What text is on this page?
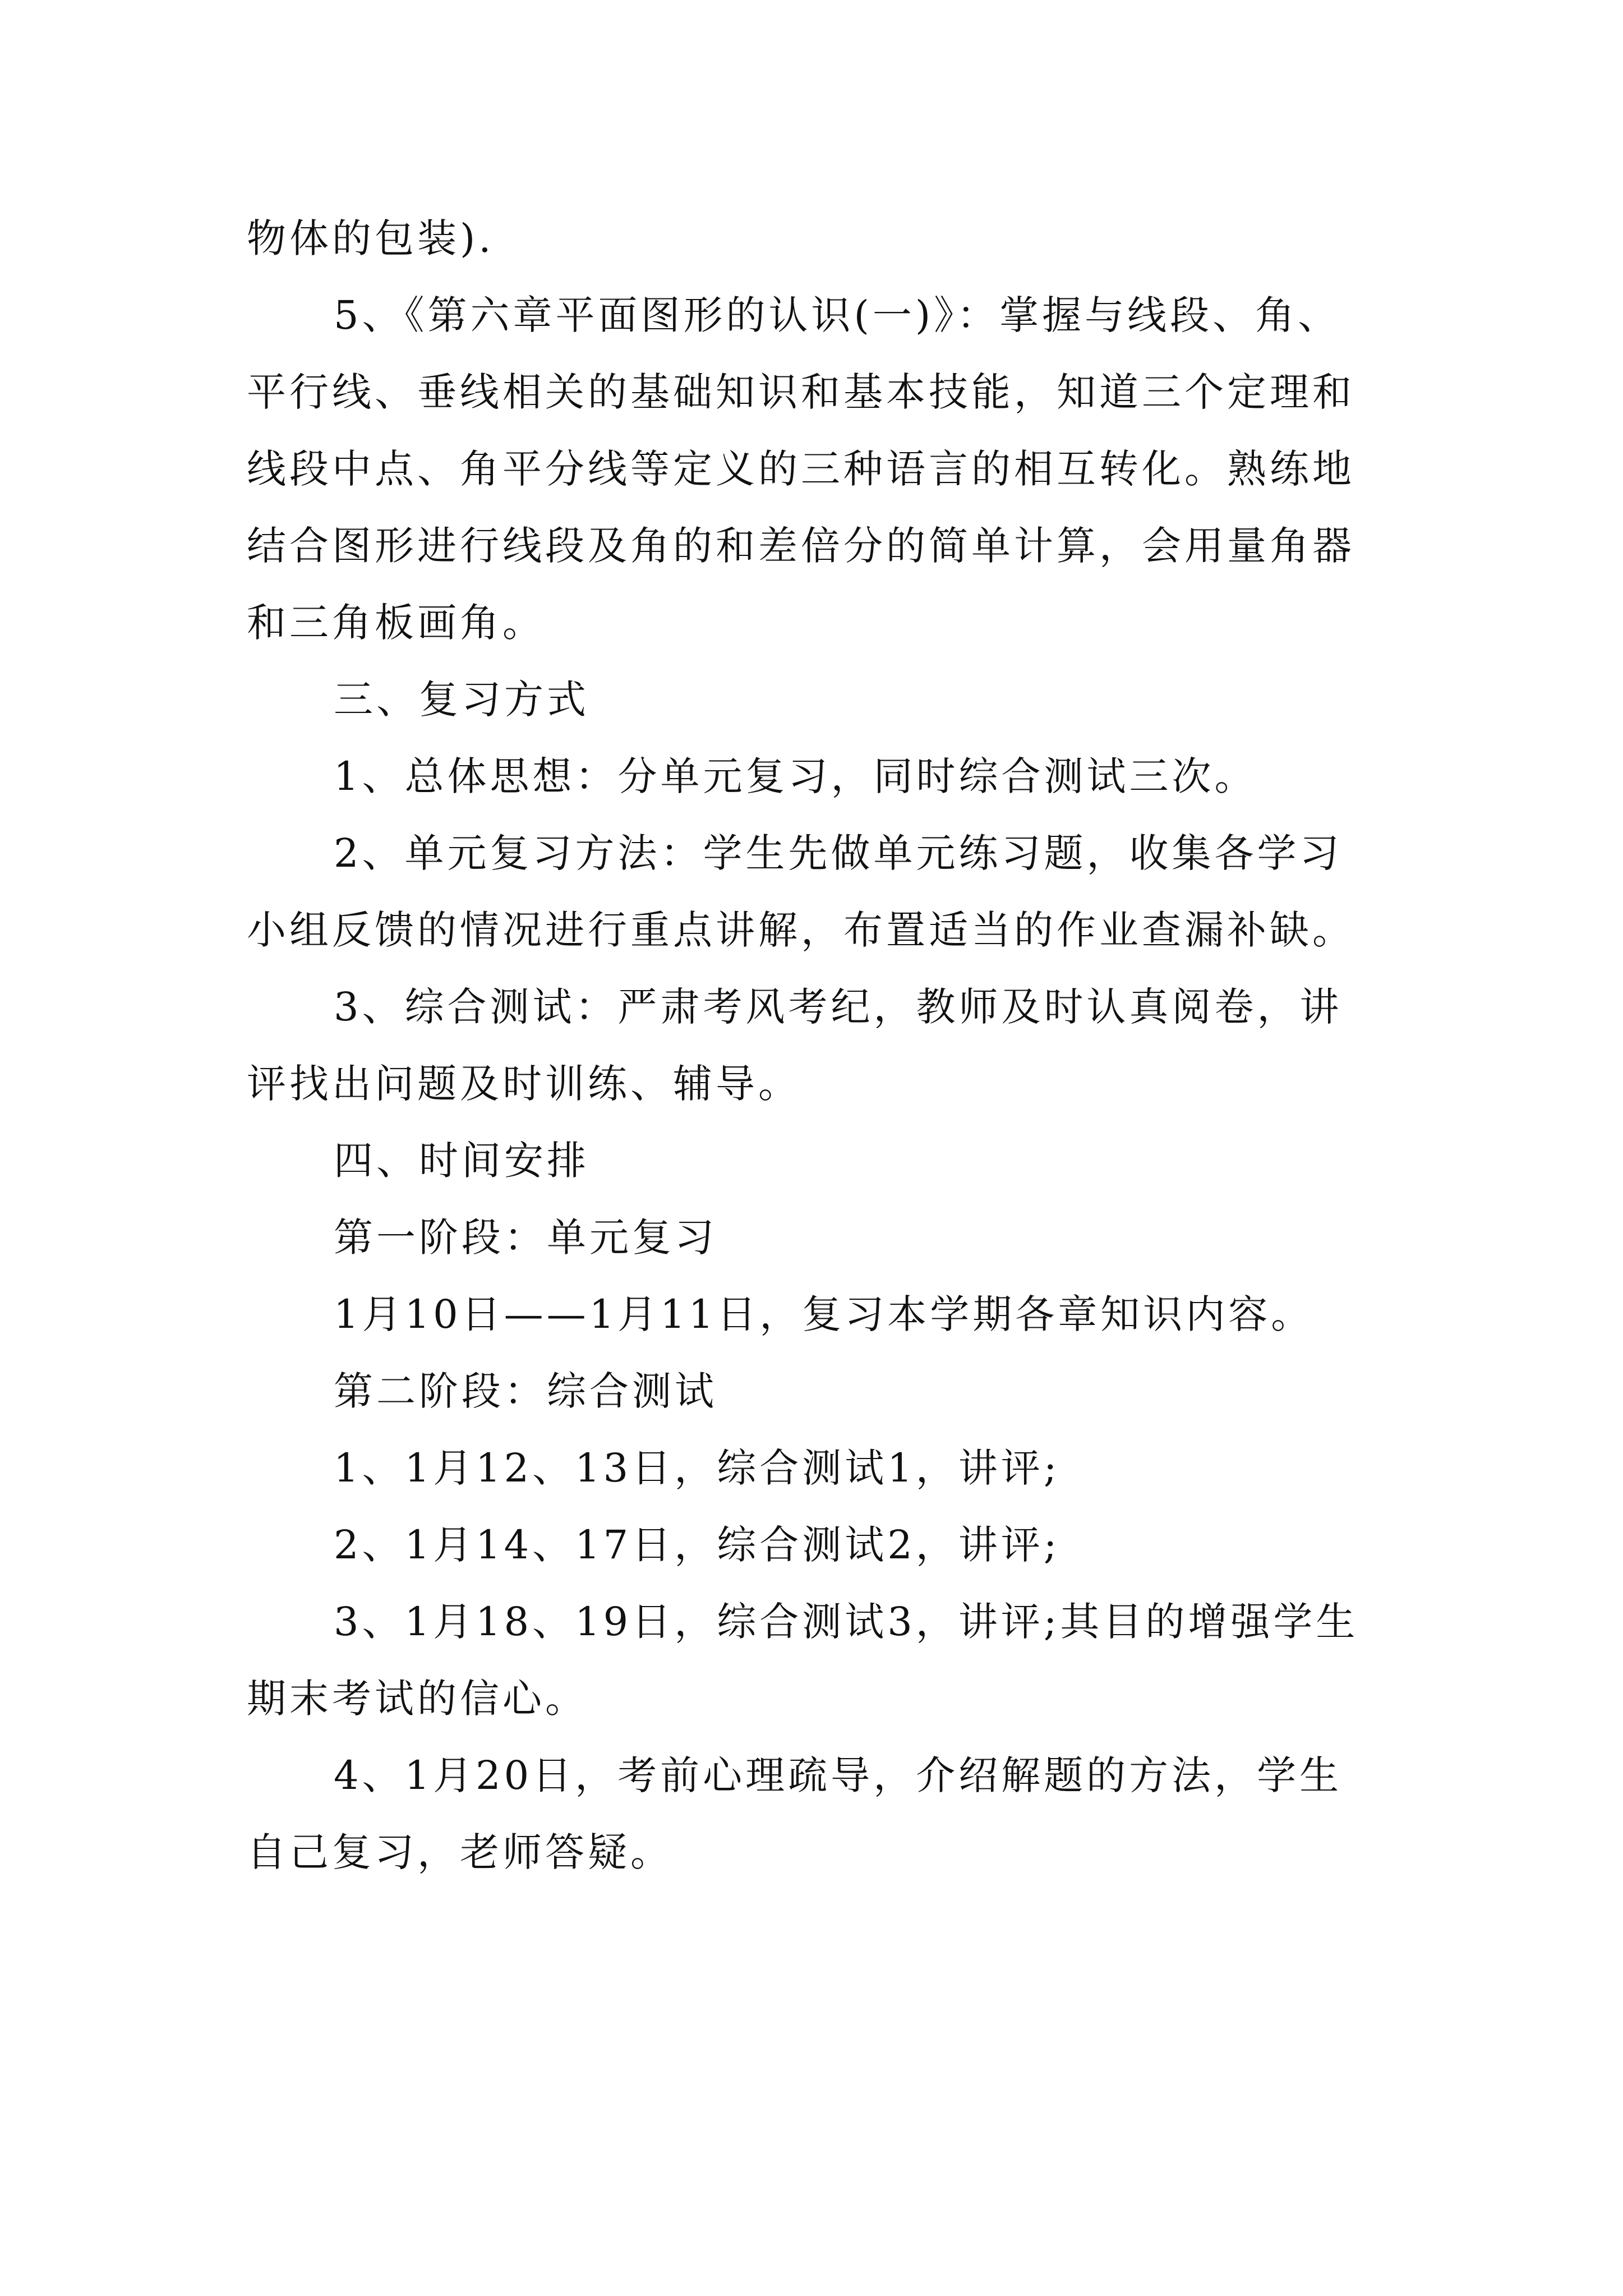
物体的包装).
5、《第六章平面图形的认识(一)》：掌握与线段、角、
平行线、垂线相关的基础知识和基本技能，知道三个定理和
线段中点、角平分线等定义的三种语言的相互转化。熟练地
结合图形进行线段及角的和差倍分的简单计算，会用量角器
和三角板画角。
三、复习方式
1、总体思想：分单元复习，同时综合测试三次。
2、单元复习方法：学生先做单元练习题，收集各学习
小组反馈的情况进行重点讲解，布置适当的作业查漏补缺。
3、综合测试：严肃考风考纪，教师及时认真阅卷，讲
评找出问题及时训练、辅导。
四、时间安排
第一阶段：单元复习
1月10日——1月11日，复习本学期各章知识内容。
第二阶段：综合测试
1、1月12、13日，综合测试1，讲评;
2、1月14、17日，综合测试2，讲评;
3、1月18、19日，综合测试3，讲评;其目的增强学生
期末考试的信心。
4、1月20日，考前心理疏导，介绍解题的方法，学生
自己复习，老师答疑。
